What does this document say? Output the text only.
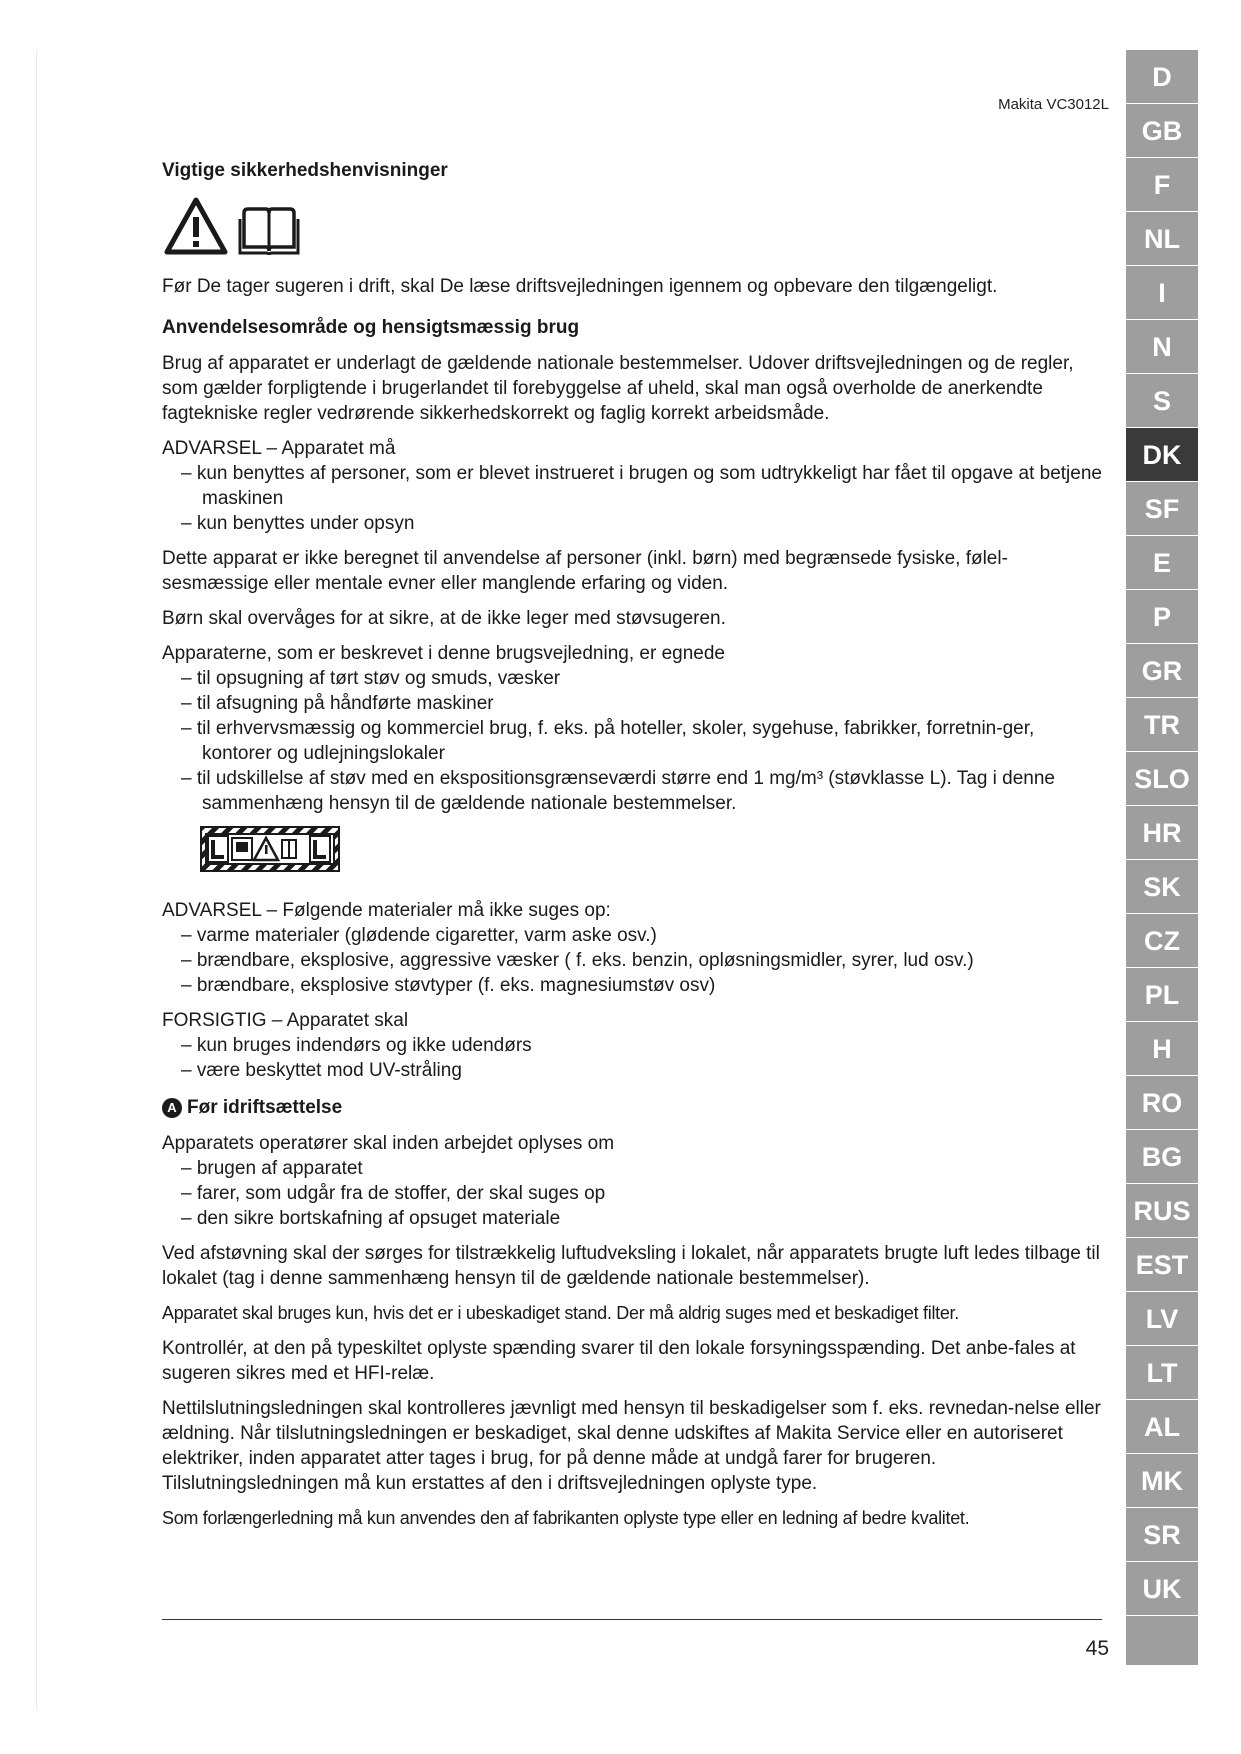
Makita VC3012L
Vigtige sikkerhedshenvisninger

Før De tager sugeren i drift, skal De læse driftsvejledningen igennem og opbevare den tilgængeligt.

Anvendelsesområde og hensigtsmæssig brug

Brug af apparatet er underlagt de gældende nationale bestemmelser. Udover driftsvejledningen og de regler, som gælder forpligtende i brugerlandet til forebyggelse af uheld, skal man også overholde de anerkendte fagtekniske regler vedrørende sikkerhedskorrekt og faglig korrekt arbeidsmåde.

ADVARSEL – Apparatet må

– kun benyttes af personer, som er blevet instrueret i brugen og som udtrykkeligt har fået til opgave at betjene maskinen
– kun benyttes under opsyn

Dette apparat er ikke beregnet til anvendelse af personer (inkl. børn) med begrænsede fysiske, følel-sesmæssige eller mentale evner eller manglende erfaring og viden.

Børn skal overvåges for at sikre, at de ikke leger med støvsugeren.

Apparaterne, som er beskrevet i denne brugsvejledning, er egnede

– til opsugning af tørt støv og smuds, væsker
– til afsugning på håndførte maskiner
– til erhvervsmæssig og kommerciel brug, f. eks. på hoteller, skoler, sygehuse, fabrikker, forretnin-ger, kontorer og udlejningslokaler
– til udskillelse af støv med en ekspositionsgrænseværdi større end 1 mg/m³ (støvklasse L). Tag i denne sammenhæng hensyn til de gældende nationale bestemmelser.

ADVARSEL – Følgende materialer må ikke suges op:

– varme materialer (glødende cigaretter, varm aske osv.)
– brændbare, eksplosive, aggressive væsker ( f. eks. benzin, opløsningsmidler, syrer, lud osv.)
– brændbare, eksplosive støvtyper (f. eks. magnesiumstøv osv)

FORSIGTIG – Apparatet skal

– kun bruges indendørs og ikke udendørs
– være beskyttet mod UV-stråling
A Før idriftsættelse

Apparatets operatører skal inden arbejdet oplyses om

– brugen af apparatet
– farer, som udgår fra de stoffer, der skal suges op
– den sikre bortskafning af opsuget materiale

Ved afstøvning skal der sørges for tilstrækkelig luftudveksling i lokalet, når apparatets brugte luft ledes tilbage til lokalet (tag i denne sammenhæng hensyn til de gældende nationale bestemmelser).

Apparatet skal bruges kun, hvis det er i ubeskadiget stand. Der må aldrig suges med et beskadiget filter.

Kontrollér, at den på typeskiltet oplyste spænding svarer til den lokale forsyningsspænding. Det anbe-fales at sugeren sikres med et HFI-relæ.

Nettilslutningsledningen skal kontrolleres jævnligt med hensyn til beskadigelser som f. eks. revnedan-nelse eller ældning. Når tilslutningsledningen er beskadiget, skal denne udskiftes af Makita Service eller en autoriseret elektriker, inden apparatet atter tages i brug, for på denne måde at undgå farer for brugeren. Tilslutningsledningen må kun erstattes af den i driftsvejledningen oplyste type.

Som forlængerledning må kun anvendes den af fabrikanten oplyste type eller en ledning af bedre kvalitet.

45
D
GB
F
NL
I
N
S
DK
SF
E
P
GR
TR
SLO
HR
SK
CZ
PL
H
RO
BG
RUS
EST
LV
LT
AL
MK
SR
UK
